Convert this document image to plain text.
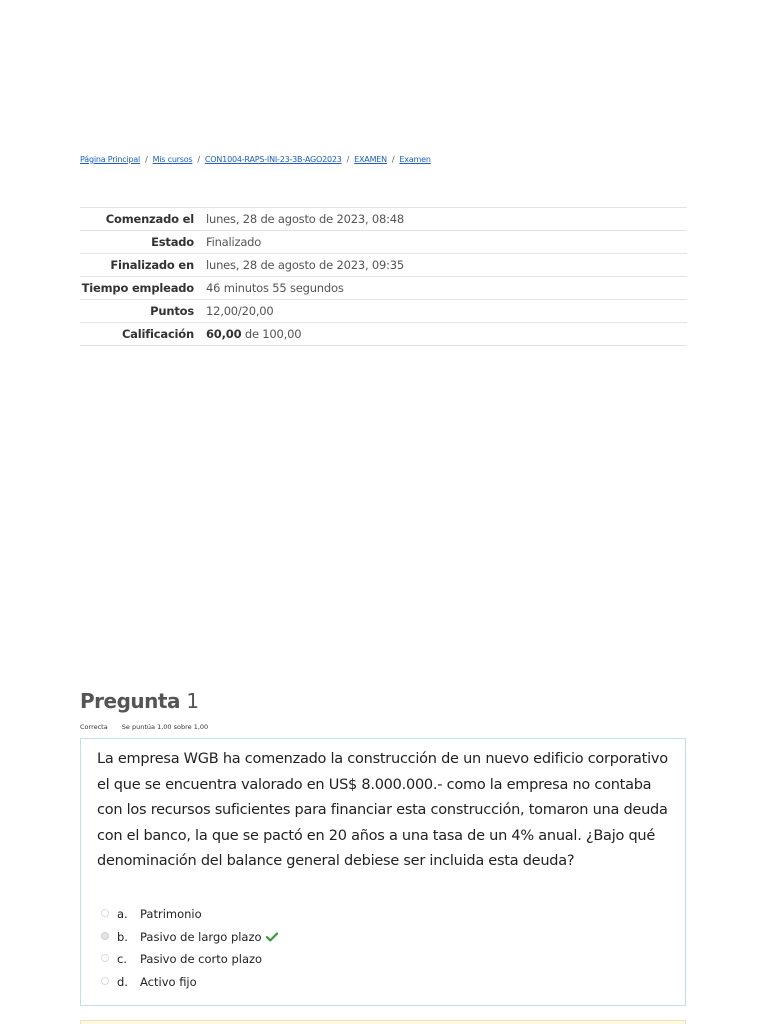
Página Principal / Mis cursos / CON1004-RAPS-INI-23-3B-AGO2023 / EXAMEN / Examen
Comenzado el	lunes, 28 de agosto de 2023, 08:48
Estado	Finalizado
Finalizado en	lunes, 28 de agosto de 2023, 09:35
Tiempo empleado	46 minutos 55 segundos
Puntos	12,00/20,00
Calificación	60,00 de 100,00
Pregunta 1
Correcta Se puntúa 1,00 sobre 1,00
La empresa WGB ha comenzado la construcción de un nuevo edificio corporativo el que se encuentra valorado en US$ 8.000.000.- como la empresa no contaba con los recursos suficientes para financiar esta construcción, tomaron una deuda con el banco, la que se pactó en 20 años a una tasa de un 4% anual. ¿Bajo qué denominación del balance general debiese ser incluida esta deuda?
a. Patrimonio
b. Pasivo de largo plazo
c. Pasivo de corto plazo
d. Activo fijo
